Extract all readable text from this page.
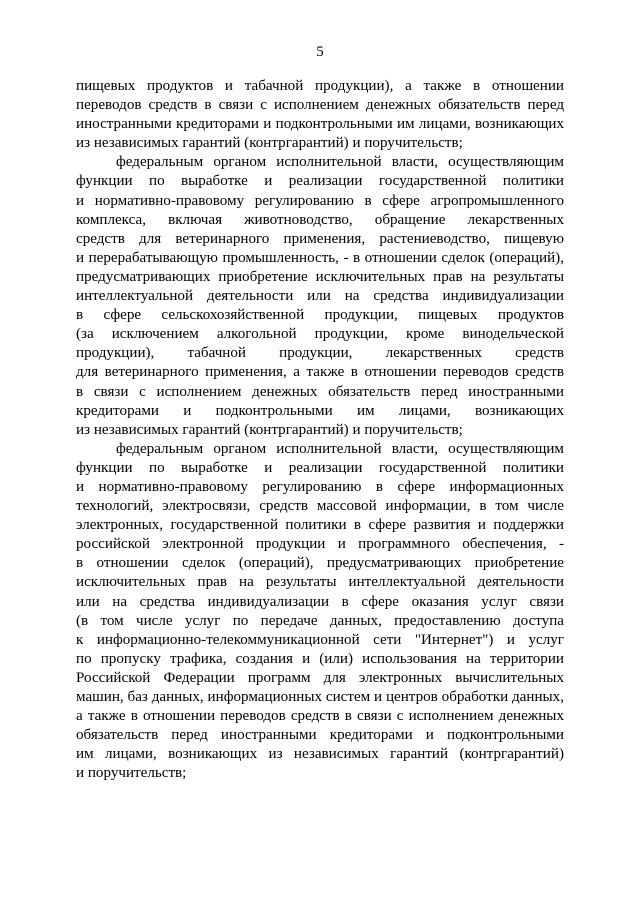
5
пищевых продуктов и табачной продукции), а также в отношении
переводов средств в связи с исполнением денежных обязательств перед
иностранными кредиторами и подконтрольными им лицами, возникающих
из независимых гарантий (контргарантий) и поручительств;
федеральным органом исполнительной власти, осуществляющим
функции по выработке и реализации государственной политики
и нормативно-правовому регулированию в сфере агропромышленного
комплекса, включая животноводство, обращение лекарственных
средств для ветеринарного применения, растениеводство, пищевую
и перерабатывающую промышленность, - в отношении сделок (операций),
предусматривающих приобретение исключительных прав на результаты
интеллектуальной деятельности или на средства индивидуализации
в сфере сельскохозяйственной продукции, пищевых продуктов
(за исключением алкогольной продукции, кроме винодельческой
продукции), табачной продукции, лекарственных средств
для ветеринарного применения, а также в отношении переводов средств
в связи с исполнением денежных обязательств перед иностранными
кредиторами и подконтрольными им лицами, возникающих
из независимых гарантий (контргарантий) и поручительств;
федеральным органом исполнительной власти, осуществляющим
функции по выработке и реализации государственной политики
и нормативно-правовому регулированию в сфере информационных
технологий, электросвязи, средств массовой информации, в том числе
электронных, государственной политики в сфере развития и поддержки
российской электронной продукции и программного обеспечения, -
в отношении сделок (операций), предусматривающих приобретение
исключительных прав на результаты интеллектуальной деятельности
или на средства индивидуализации в сфере оказания услуг связи
(в том числе услуг по передаче данных, предоставлению доступа
к информационно-телекоммуникационной сети "Интернет") и услуг
по пропуску трафика, создания и (или) использования на территории
Российской Федерации программ для электронных вычислительных
машин, баз данных, информационных систем и центров обработки данных,
а также в отношении переводов средств в связи с исполнением денежных
обязательств перед иностранными кредиторами и подконтрольными
им лицами, возникающих из независимых гарантий (контргарантий)
и поручительств;
